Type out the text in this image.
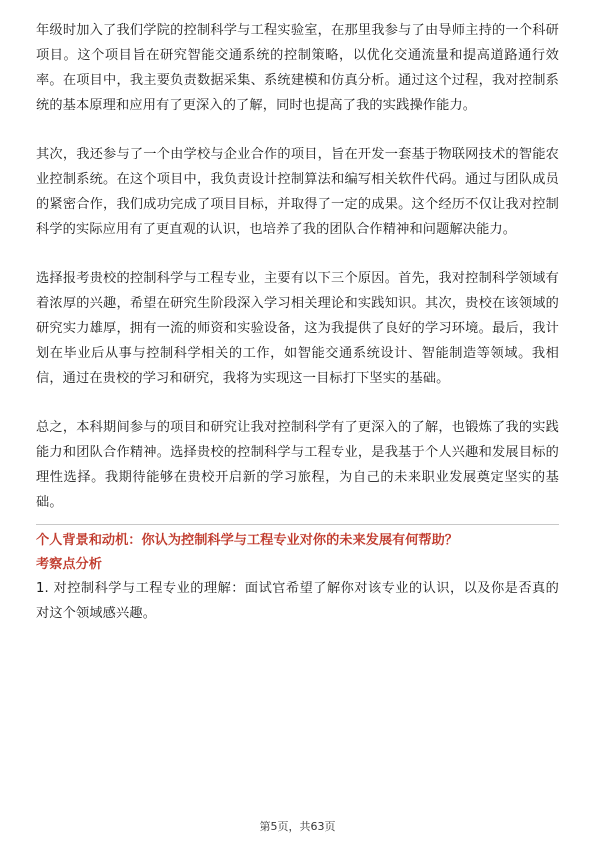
年级时加入了我们学院的控制科学与工程实验室，在那里我参与了由导师主持的一个科研项目。这个项目旨在研究智能交通系统的控制策略，以优化交通流量和提高道路通行效率。在项目中，我主要负责数据采集、系统建模和仿真分析。通过这个过程，我对控制系统的基本原理和应用有了更深入的了解，同时也提高了我的实践操作能力。

其次，我还参与了一个由学校与企业合作的项目，旨在开发一套基于物联网技术的智能农业控制系统。在这个项目中，我负责设计控制算法和编写相关软件代码。通过与团队成员的紧密合作，我们成功完成了项目目标，并取得了一定的成果。这个经历不仅让我对控制科学的实际应用有了更直观的认识，也培养了我的团队合作精神和问题解决能力。

选择报考贵校的控制科学与工程专业，主要有以下三个原因。首先，我对控制科学领域有着浓厚的兴趣，希望在研究生阶段深入学习相关理论和实践知识。其次，贵校在该领域的研究实力雄厚，拥有一流的师资和实验设备，这为我提供了良好的学习环境。最后，我计划在毕业后从事与控制科学相关的工作，如智能交通系统设计、智能制造等领域。我相信，通过在贵校的学习和研究，我将为实现这一目标打下坚实的基础。

总之，本科期间参与的项目和研究让我对控制科学有了更深入的了解，也锻炼了我的实践能力和团队合作精神。选择贵校的控制科学与工程专业，是我基于个人兴趣和发展目标的理性选择。我期待能够在贵校开启新的学习旅程，为自己的未来职业发展奠定坚实的基础。

个人背景和动机：你认为控制科学与工程专业对你的未来发展有何帮助？

考察点分析

1. 对控制科学与工程专业的理解：面试官希望了解你对该专业的认识，以及你是否真的对这个领域感兴趣。

第5页，共63页
